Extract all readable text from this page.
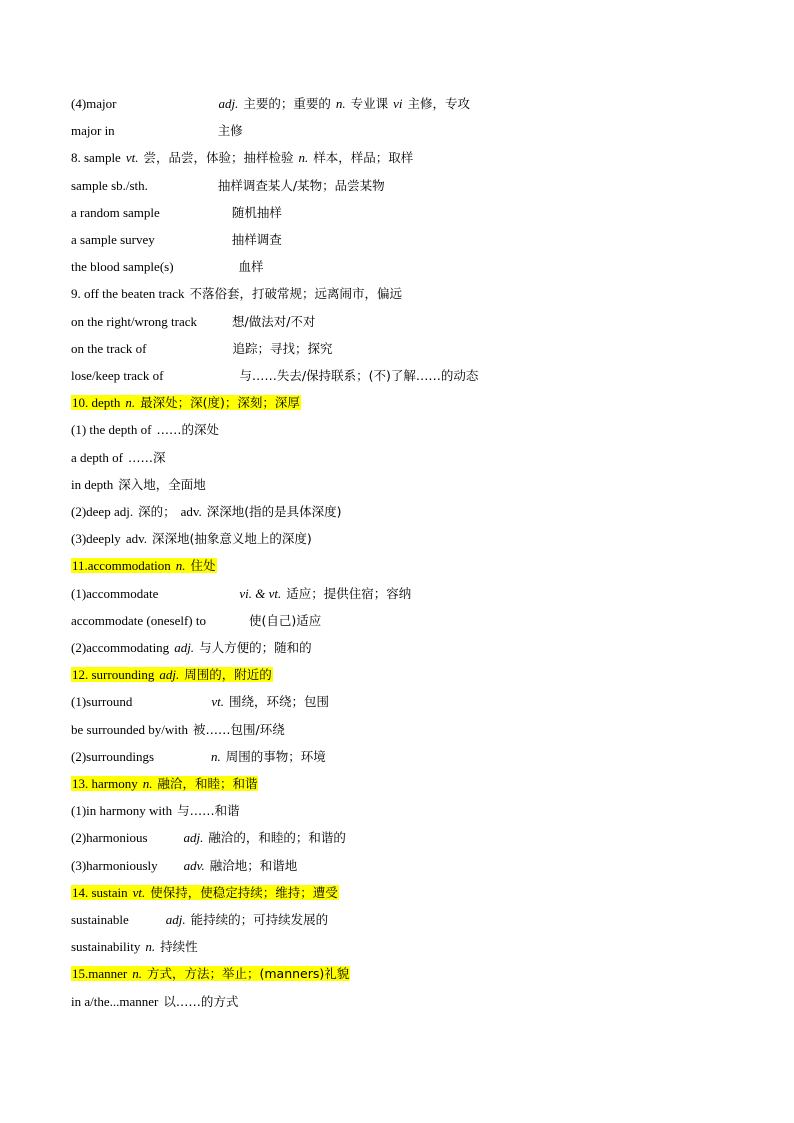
(4)major	adj. 主要的；重要的 n. 专业课 vi 主修，专攻
major in	主修
8. sample vt. 尝，品尝，体验；抽样检验 n. 样本，样品；取样
sample sb./sth.	抽样调查某人/某物；品尝某物
a random sample	随机抽样
a sample survey	抽样调查
the blood sample(s)	血样
9. off the beaten track 不落俗套，打破常规；远离闹市，偏远
on the right/wrong track	想/做法对/不对
on the track of	追踪；寻找；探究
lose/keep track of	与……失去/保持联系；(不)了解……的动态
10. depth n. 最深处；深(度)；深刻；深厚
(1) the depth of ……的深处
a depth of ……深
in depth 深入地，全面地
(2)deep adj. 深的； adv. 深深地(指的是具体深度)
(3)deeply adv. 深深地(抽象意义地上的深度)
11.accommodation n. 住处
(1)accommodate	vi. & vt. 适应；提供住宿；容纳
accommodate (oneself) to	使(自己)适应
(2)accommodating adj. 与人方便的；随和的
12. surrounding adj. 周围的，附近的
(1)surround	vt. 围绕，环绕；包围
be surrounded by/with 被……包围/环绕
(2)surroundings	n. 周围的事物；环境
13. harmony n. 融洽，和睦；和谐
(1)in harmony with 与……和谐
(2)harmonious	adj. 融洽的，和睦的；和谐的
(3)harmoniously adv. 融洽地；和谐地
14. sustain vt. 使保持，使稳定持续；维持；遭受
sustainable	adj. 能持续的；可持续发展的
sustainability n. 持续性
15.manner n. 方式，方法；举止；(manners)礼貌
in a/the...manner 以……的方式
